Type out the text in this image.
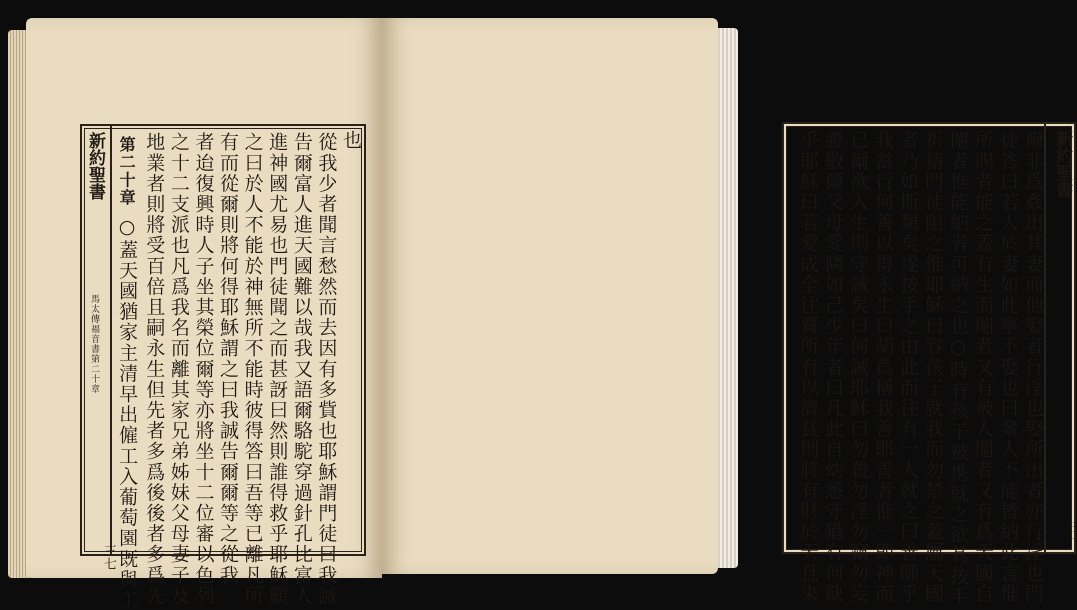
新約聖書
馬太傳福音書第二十章
三七
也
從我少者聞言愁然而去因有多貲也耶穌謂門徒曰我誠
告爾富人進天國難以哉我又語爾駱駝穿過針孔比富人
進神國尤易也門徒聞之而甚訝曰然則誰得救乎耶穌顧
之曰於人不能於神無所不能時彼得答曰吾等已離凡所
有而從爾則將何得耶穌謂之曰我誠告爾爾等之從我
者迨復興時人子坐其榮位爾等亦將坐十二位審以色列
之十二支派也凡爲我名而離其家兄弟姊妹父母妻子及
地業者則將受百倍且嗣永生但先者多爲後後者多爲先
第二十章
○蓋天國猶家主清早出僱工入葡萄園既與工
新約聖書
三十
爾非爲姦出其妻而他娶者行淫也娶所出者亦行淫也門
徒答曰若人於妻如此寧不娶也曰衆人不能皆納此言惟
所賜者能之蓋有生而閹者又有被人閹者又有爲天國自
閹者惟能納者可納之也○時有孩子被携就之欲其按手
祈禱門徒阻之惟耶穌曰容孩子就我而勿禁之蓋屬天國
者乃如斯類矣遂按手之由此而往有一人就之曰善師乎
我當行何善以得永生曰胡爲稱我善耶善者惟一即神而
已爾欲入生則守誡矣曰何誡耶穌曰勿殺勿淫勿竊勿妄
證敬爾父母愛隣如己少年者曰凡此自幼悉守猶有何缺
乎耶穌曰若愛成全往賣所有以濟貧則將有財於天且來
